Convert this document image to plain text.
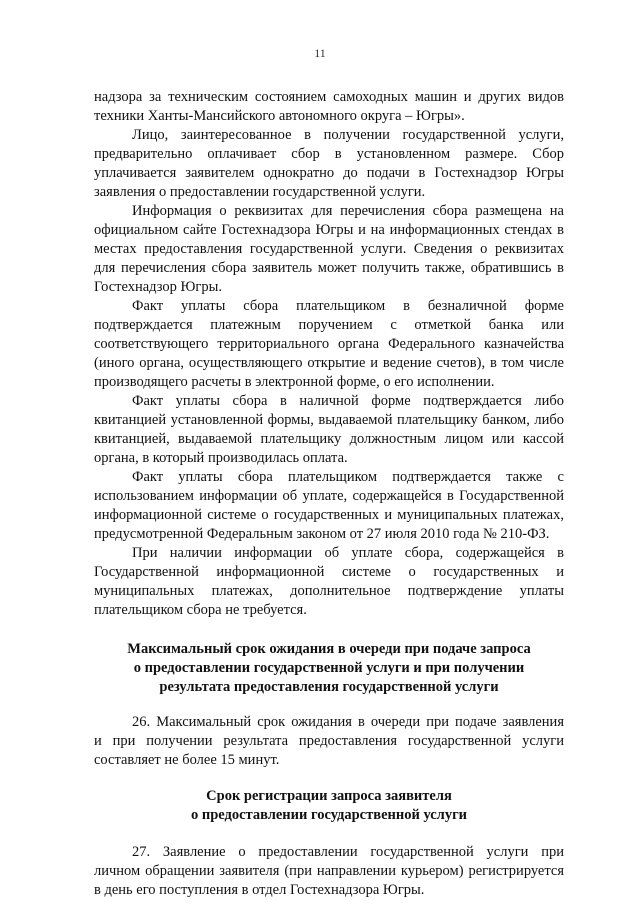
11
надзора за техническим состоянием самоходных машин и других видов
техники Ханты-Мансийского автономного округа – Югры».
Лицо, заинтересованное в получении государственной услуги,
предварительно оплачивает сбор в установленном размере. Сбор
уплачивается заявителем однократно до подачи в Гостехнадзор Югры
заявления о предоставлении государственной услуги.
Информация о реквизитах для перечисления сбора размещена на
официальном сайте Гостехнадзора Югры и на информационных стендах в
местах предоставления государственной услуги. Сведения о реквизитах
для перечисления сбора заявитель может получить также, обратившись в
Гостехнадзор Югры.
Факт уплаты сбора плательщиком в безналичной форме
подтверждается платежным поручением с отметкой банка или
соответствующего территориального органа Федерального казначейства
(иного органа, осуществляющего открытие и ведение счетов), в том числе
производящего расчеты в электронной форме, о его исполнении.
Факт уплаты сбора в наличной форме подтверждается либо
квитанцией установленной формы, выдаваемой плательщику банком, либо
квитанцией, выдаваемой плательщику должностным лицом или кассой
органа, в который производилась оплата.
Факт уплаты сбора плательщиком подтверждается также с
использованием информации об уплате, содержащейся в Государственной
информационной системе о государственных и муниципальных платежах,
предусмотренной Федеральным законом от 27 июля 2010 года № 210-ФЗ.
При наличии информации об уплате сбора, содержащейся в
Государственной информационной системе о государственных и
муниципальных платежах, дополнительное подтверждение уплаты
плательщиком сбора не требуется.
Максимальный срок ожидания в очереди при подаче запроса
о предоставлении государственной услуги и при получении
результата предоставления государственной услуги
26. Максимальный срок ожидания в очереди при подаче заявления
и при получении результата предоставления государственной услуги
составляет не более 15 минут.
Срок регистрации запроса заявителя
о предоставлении государственной услуги
27. Заявление о предоставлении государственной услуги при
личном обращении заявителя (при направлении курьером) регистрируется
в день его поступления в отдел Гостехнадзора Югры.
